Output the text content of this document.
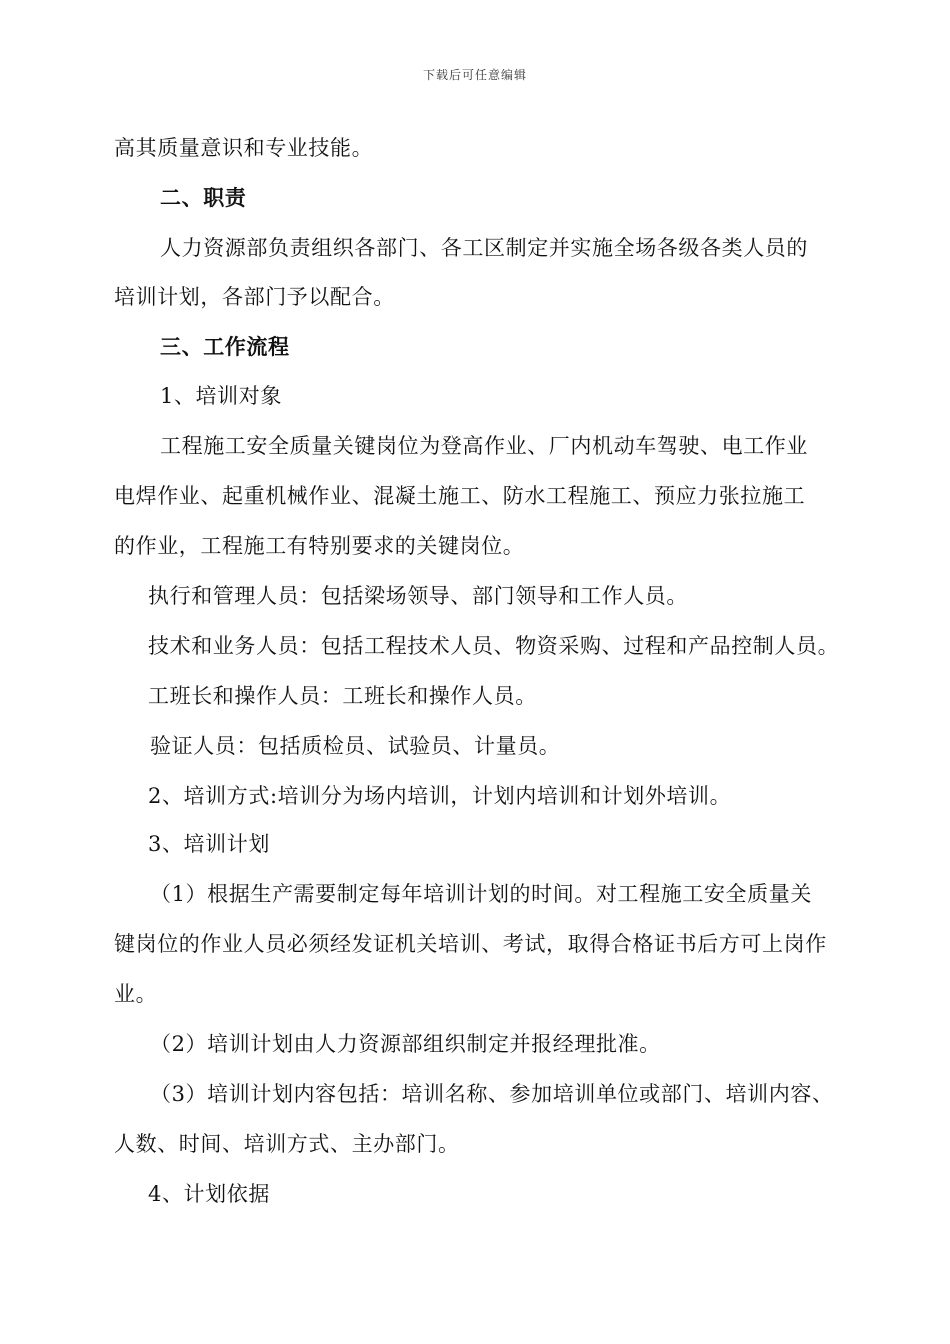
下载后可任意编辑
高其质量意识和专业技能。
二、职责
人力资源部负责组织各部门、各工区制定并实施全场各级各类人员的
培训计划，各部门予以配合。
三、工作流程
1、培训对象
工程施工安全质量关键岗位为登高作业、厂内机动车驾驶、电工作业
电焊作业、起重机械作业、混凝土施工、防水工程施工、预应力张拉施工
的作业，工程施工有特别要求的关键岗位。
执行和管理人员：包括梁场领导、部门领导和工作人员。
技术和业务人员：包括工程技术人员、物资采购、过程和产品控制人员。
工班长和操作人员：工班长和操作人员。
验证人员：包括质检员、试验员、计量员。
2、培训方式:培训分为场内培训，计划内培训和计划外培训。
3、培训计划
（1）根据生产需要制定每年培训计划的时间。对工程施工安全质量关
键岗位的作业人员必须经发证机关培训、考试，取得合格证书后方可上岗作
业。
（2）培训计划由人力资源部组织制定并报经理批准。
（3）培训计划内容包括：培训名称、参加培训单位或部门、培训内容、
人数、时间、培训方式、主办部门。
4、计划依据
